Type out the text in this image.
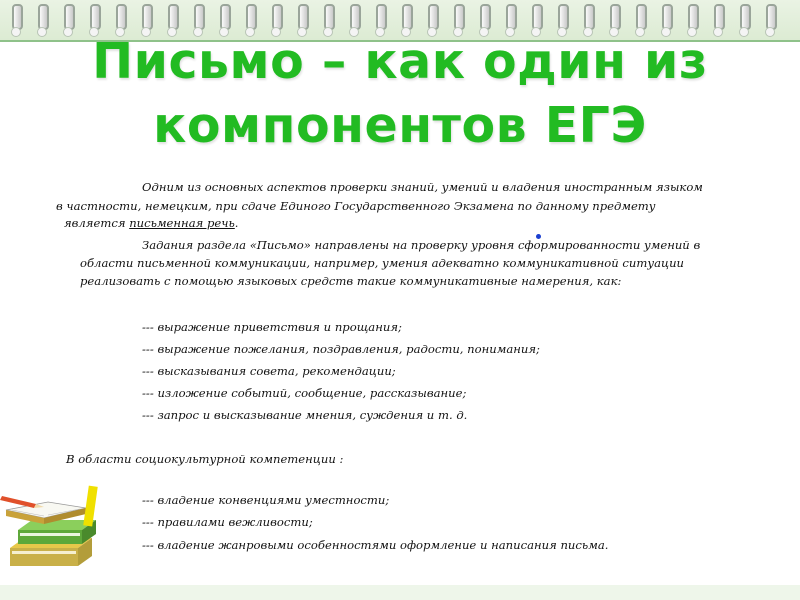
Письмо – как один из
компонентов ЕГЭ

Одним из основных аспектов проверки знаний, умений и владения иностранным языком

в частности, немецким, при сдаче Единого Государственного Экзамена по данному предмету

является письменная речь.

Задания раздела «Письмо» направлены на проверку уровня сформированности умений в

области письменной коммуникации, например, умения адекватно коммуникативной ситуации

реализовать с помощью языковых средств такие коммуникативные намерения, как:

--- выражение приветствия и прощания;

--- выражение пожелания, поздравления, радости, понимания;

--- высказывания совета, рекомендации;

--- изложение событий, сообщение, рассказывание;

--- запрос и высказывание мнения, суждения и т. д.

В области социокультурной компетенции :

--- владение конвенциями уместности;

--- правилами вежливости;

--- владение жанровыми особенностями оформление и написания письма.
